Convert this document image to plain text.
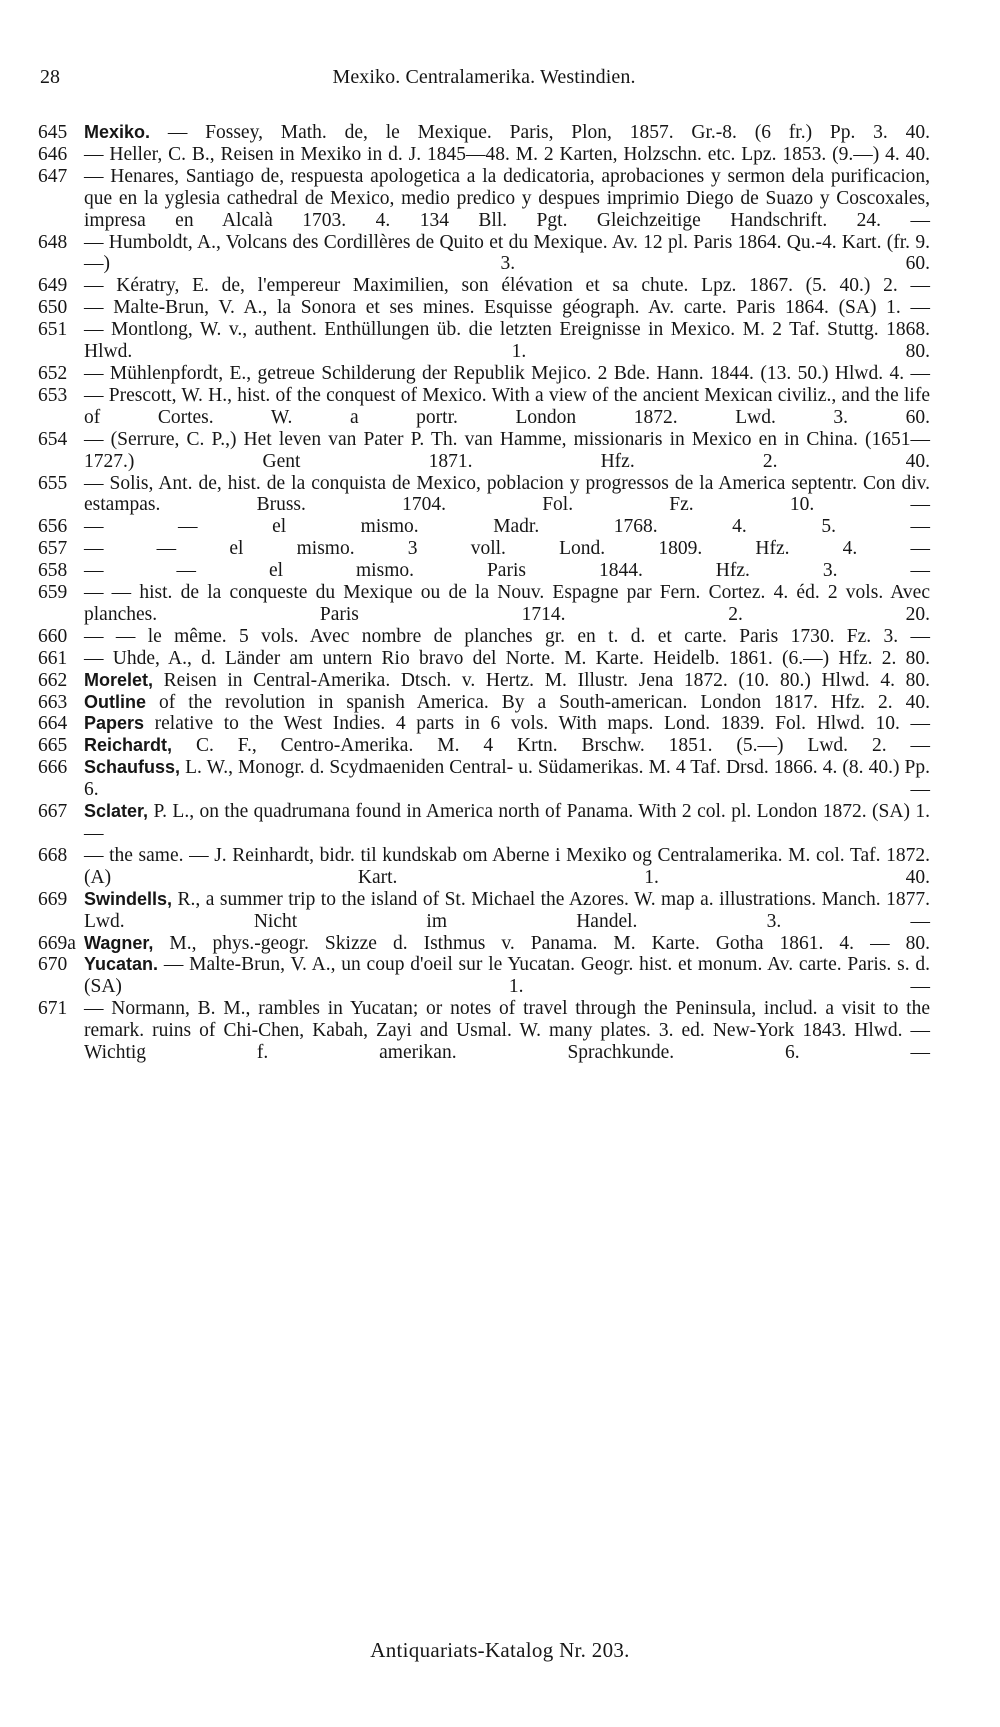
28	Mexiko. Centralamerika. Westindien.
645 Mexiko. — Fossey, Math. de, le Mexique. Paris, Plon, 1857. Gr.-8. (6 fr.) Pp. 3. 40.
646 — Heller, C. B., Reisen in Mexiko in d. J. 1845—48. M. 2 Karten, Holzschn. etc. Lpz. 1853. (9.—) 4. 40.
647 — Henares, Santiago de, respuesta apologetica a la dedicatoria, aprobaciones y sermon dela purificacion, que en la yglesia cathedral de Mexico, medio predico y despues imprimio Diego de Suazo y Coscoxales, impresa en Alcalà 1703. 4. 134 Bll. Pgt. Gleichzeitige Handschrift. 24. —
648 — Humboldt, A., Volcans des Cordillères de Quito et du Mexique. Av. 12 pl. Paris 1864. Qu.-4. Kart. (fr. 9.—) 3. 60.
649 — Kératry, E. de, l'empereur Maximilien, son élévation et sa chute. Lpz. 1867. (5. 40.) 2. —
650 — Malte-Brun, V. A., la Sonora et ses mines. Esquisse géograph. Av. carte. Paris 1864. (SA) 1. —
651 — Montlong, W. v., authent. Enthüllungen üb. die letzten Ereignisse in Mexico. M. 2 Taf. Stuttg. 1868. Hlwd. 1. 80.
652 — Mühlenpfordt, E., getreue Schilderung der Republik Mejico. 2 Bde. Hann. 1844. (13. 50.) Hlwd. 4. —
653 — Prescott, W. H., hist. of the conquest of Mexico. With a view of the ancient Mexican civiliz., and the life of Cortes. W. a portr. London 1872. Lwd. 3. 60.
654 — (Serrure, C. P.,) Het leven van Pater P. Th. van Hamme, missionaris in Mexico en in China. (1651—1727.) Gent 1871. Hfz. 2. 40.
655 — Solis, Ant. de, hist. de la conquista de Mexico, poblacion y progressos de la America septentr. Con div. estampas. Bruss. 1704. Fol. Fz. 10. —
656 — — el mismo. Madr. 1768. 4. 5. —
657 — — el mismo. 3 voll. Lond. 1809. Hfz. 4. —
658 — — el mismo. Paris 1844. Hfz. 3. —
659 — — hist. de la conqueste du Mexique ou de la Nouv. Espagne par Fern. Cortez. 4. éd. 2 vols. Avec planches. Paris 1714. 2. 20.
660 — — le même. 5 vols. Avec nombre de planches gr. en t. d. et carte. Paris 1730. Fz. 3. —
661 — Uhde, A., d. Länder am untern Rio bravo del Norte. M. Karte. Heidelb. 1861. (6.—) Hfz. 2. 80.
662 Morelet, Reisen in Central-Amerika. Dtsch. v. Hertz. M. Illustr. Jena 1872. (10. 80.) Hlwd. 4. 80.
663 Outline of the revolution in spanish America. By a South-american. London 1817. Hfz. 2. 40.
664 Papers relative to the West Indies. 4 parts in 6 vols. With maps. Lond. 1839. Fol. Hlwd. 10. —
665 Reichardt, C. F., Centro-Amerika. M. 4 Krtn. Brschw. 1851. (5.—) Lwd. 2. —
666 Schaufuss, L. W., Monogr. d. Scydmaeniden Central- u. Südamerikas. M. 4 Taf. Drsd. 1866. 4. (8. 40.) Pp. 6. —
667 Sclater, P. L., on the quadrumana found in America north of Panama. With 2 col. pl. London 1872. (SA) 1. —
668 — the same. — J. Reinhardt, bidr. til kundskab om Aberne i Mexiko og Centralamerika. M. col. Taf. 1872. (A) Kart. 1. 40.
669 Swindells, R., a summer trip to the island of St. Michael the Azores. W. map a. illustrations. Manch. 1877. Lwd. Nicht im Handel. 3. —
669a Wagner, M., phys.-geogr. Skizze d. Isthmus v. Panama. M. Karte. Gotha 1861. 4. — 80.
670 Yucatan. — Malte-Brun, V. A., un coup d'oeil sur le Yucatan. Geogr. hist. et monum. Av. carte. Paris. s. d. (SA) 1. —
671 — Normann, B. M., rambles in Yucatan; or notes of travel through the Peninsula, includ. a visit to the remark. ruins of Chi-Chen, Kabah, Zayi and Usmal. W. many plates. 3. ed. New-York 1843. Hlwd. — Wichtig f. amerikan. Sprachkunde. 6. —
Antiquariats-Katalog Nr. 203.
